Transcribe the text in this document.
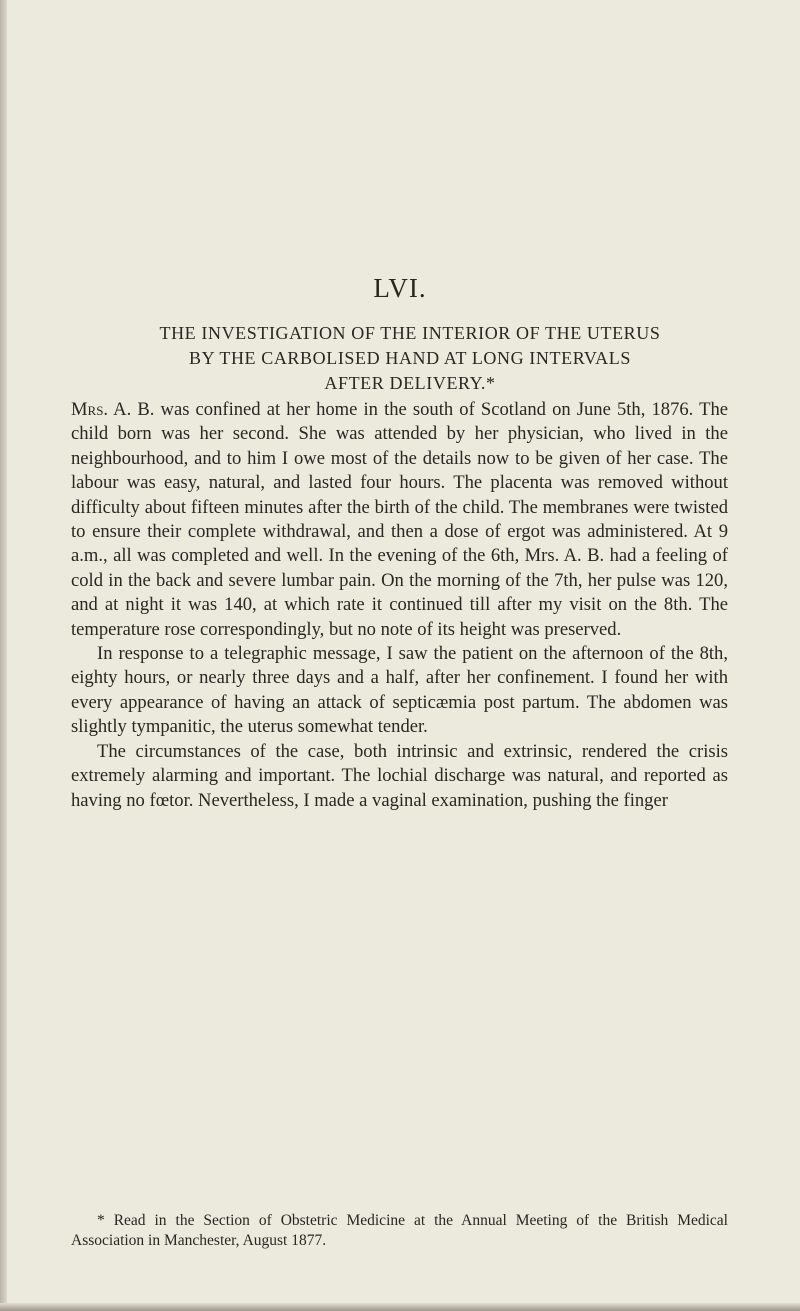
LVI.
THE INVESTIGATION OF THE INTERIOR OF THE UTERUS
BY THE CARBOLISED HAND AT LONG INTERVALS
AFTER DELIVERY.*

Mrs. A. B. was confined at her home in the south of Scotland on June 5th, 1876. The child born was her second. She was attended by her physician, who lived in the neighbourhood, and to him I owe most of the details now to be given of her case. The labour was easy, natural, and lasted four hours. The placenta was removed without difficulty about fifteen minutes after the birth of the child. The membranes were twisted to ensure their complete withdrawal, and then a dose of ergot was administered. At 9 a.m., all was completed and well. In the evening of the 6th, Mrs. A. B. had a feeling of cold in the back and severe lumbar pain. On the morning of the 7th, her pulse was 120, and at night it was 140, at which rate it continued till after my visit on the 8th. The temperature rose correspondingly, but no note of its height was preserved.

In response to a telegraphic message, I saw the patient on the afternoon of the 8th, eighty hours, or nearly three days and a half, after her confinement. I found her with every appearance of having an attack of septicæmia post partum. The abdomen was slightly tympanitic, the uterus somewhat tender.

The circumstances of the case, both intrinsic and extrinsic, rendered the crisis extremely alarming and important. The lochial discharge was natural, and reported as having no fœtor. Nevertheless, I made a vaginal examination, pushing the finger

* Read in the Section of Obstetric Medicine at the Annual Meeting of the British Medical Association in Manchester, August 1877.
